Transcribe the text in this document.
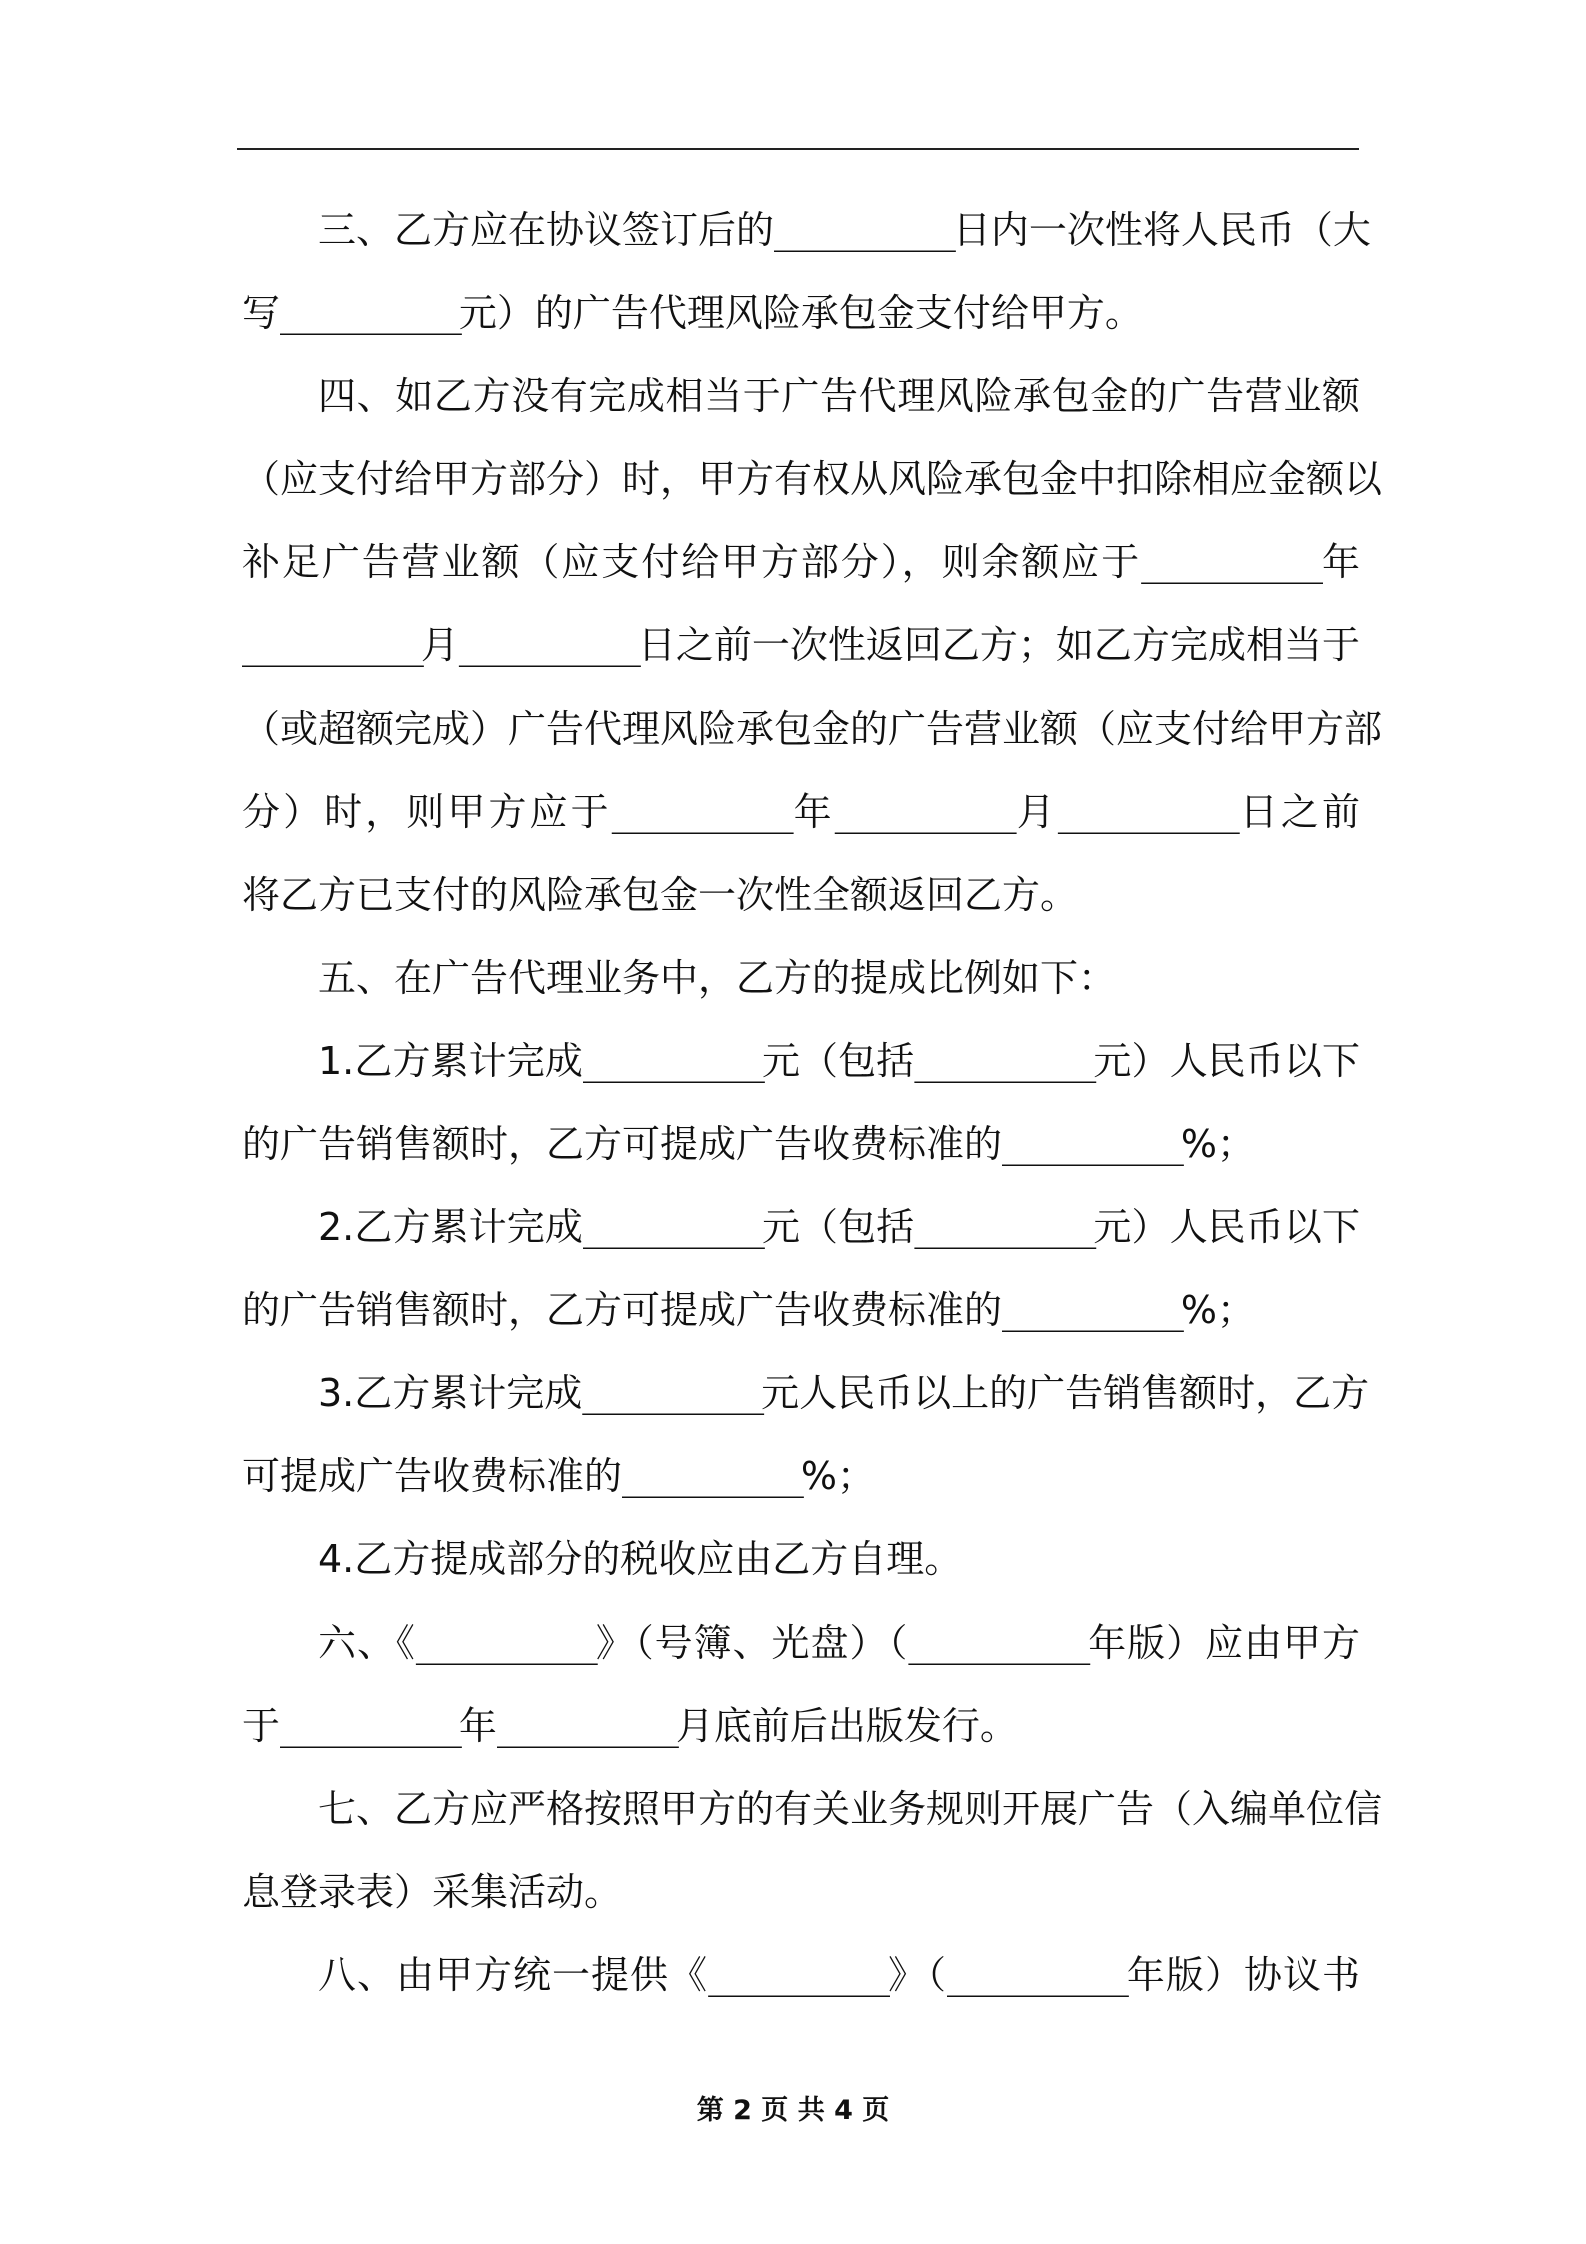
三、乙方应在协议签订后的_________日内一次性将人民币（大
写_________元）的广告代理风险承包金支付给甲方。
四、如乙方没有完成相当于广告代理风险承包金的广告营业额
（应支付给甲方部分）时，甲方有权从风险承包金中扣除相应金额以
补足广告营业额（应支付给甲方部分），则余额应于_________年
_________月_________日之前一次性返回乙方；如乙方完成相当于
（或超额完成）广告代理风险承包金的广告营业额（应支付给甲方部
分）时，则甲方应于_________年_________月_________日之前
将乙方已支付的风险承包金一次性全额返回乙方。
五、在广告代理业务中，乙方的提成比例如下：
1.乙方累计完成_________元（包括_________元）人民币以下
的广告销售额时，乙方可提成广告收费标准的_________%；
2.乙方累计完成_________元（包括_________元）人民币以下
的广告销售额时，乙方可提成广告收费标准的_________%；
3.乙方累计完成_________元人民币以上的广告销售额时，乙方
可提成广告收费标准的_________%；
4.乙方提成部分的税收应由乙方自理。
六、《_________》（号簿、光盘）（_________年版）应由甲方
于_________年_________月底前后出版发行。
七、乙方应严格按照甲方的有关业务规则开展广告（入编单位信
息登录表）采集活动。
八、由甲方统一提供《_________》（_________年版）协议书
第 2 页 共 4 页
